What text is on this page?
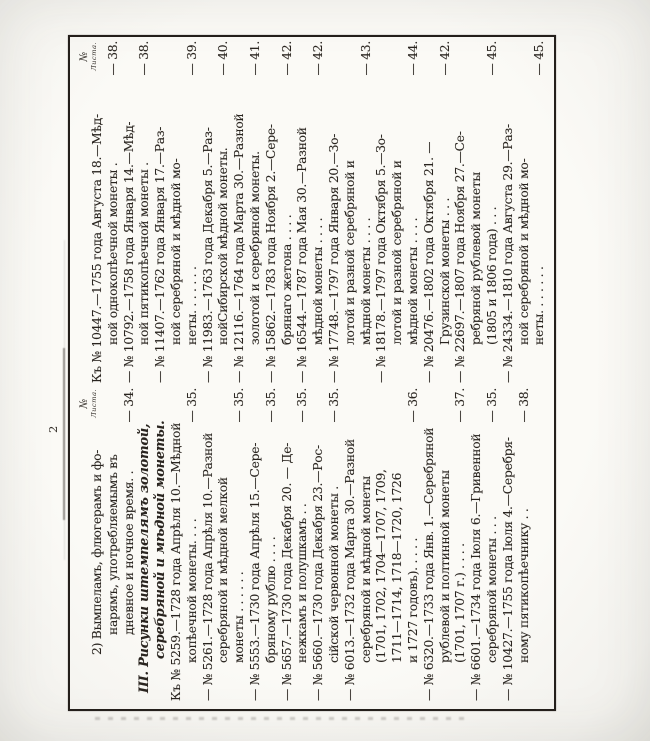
2
№ Листа.
2) Вымпеламъ, флюгерамъ и фо- нарямъ, употребляемымъ въ дневное и ночное время. .
— 34.
III. Рисунки штемпелямъ золотой, серебряной и мѣдной монеты. Къ № 5259.—1728 года Апрѣля 10.—Мѣдной копѣечной монеты. . . .
— 35.
— № 5261.—1728 года Апрѣля 10.—Разной серебряной и мѣдной мелкой монеты . . . . . .
— 35.
— № 5553.—1730 года Апрѣля 15.—Сере- бряному рублю . . . .
— 35.
— № 5657.—1730 года Декабря 20. — Де- нежкамъ и полушкамъ . .
— 35.
— № 5660.—1730 года Декабря 23.—Рос- сійской червонной монеты .
— 35.
— № 6013.—1732 года Марта 30.—Разной серебряной и мѣдной монеты (1701, 1702, 1704—1707, 1709, 1711—1714, 1718—1720, 1726 и 1727 годовъ). . . . .
— 36.
— № 6320.—1733 года Янв. 1.—Серебряной рублевой и полтинной монеты (1701, 1707 г.) . . . .
— 37.
— № 6601.—1734 года Іюля 6.—Гривенной серебряной монеты . . .
— 35.
— № 10427.—1755 года Іюля 4.—Серебря- ному пятикопѣечнику . .
— 38.
№ Листа.
Къ № 10447.—1755 года Августа 18.—Мѣд- ной однокопѣечной монеты .
— 38.
— № 10792.—1758 года Января 14.—Мѣд- ной пятикопѣечной монеты .
— 38.
— № 11407.—1762 года Января 17.—Раз- ной серебряной и мѣдной мо- неты. . . . . . .
— 39.
— № 11983.—1763 года Декабря 5.—Раз- нойСибирской мѣдной монеты.
— 40.
— № 12116.—1764 года Марта 30.—Разной золотой и серебряной монеты.
— 41.
— № 15862.—1783 года Ноября 2.—Сере- брянаго жетона . . . .
— 42.
— № 16544.—1787 года Мая 30.—Разной мѣдной монеты . . . .
— 42.
— № 17748.—1797 года Января 20.—Зо- лотой и разной серебряной и мѣдной монеты . . . .
— 43.
— № 18178.—1797 года Октября 5.—Зо- лотой и разной серебряной и мѣдной монеты . . . .
— 44.
— № 20476.—1802 года Октября 21. — Грузинской монеты . . .
— 42.
— № 22697.—1807 года Ноября 27.—Се- ребряной рублевой монеты (1805 и 1806 года) . . .
— 45.
— № 24334.—1810 года Августа 29.—Раз- ной серебряной и мѣдной мо- неты. . . . . . .
— 45.
